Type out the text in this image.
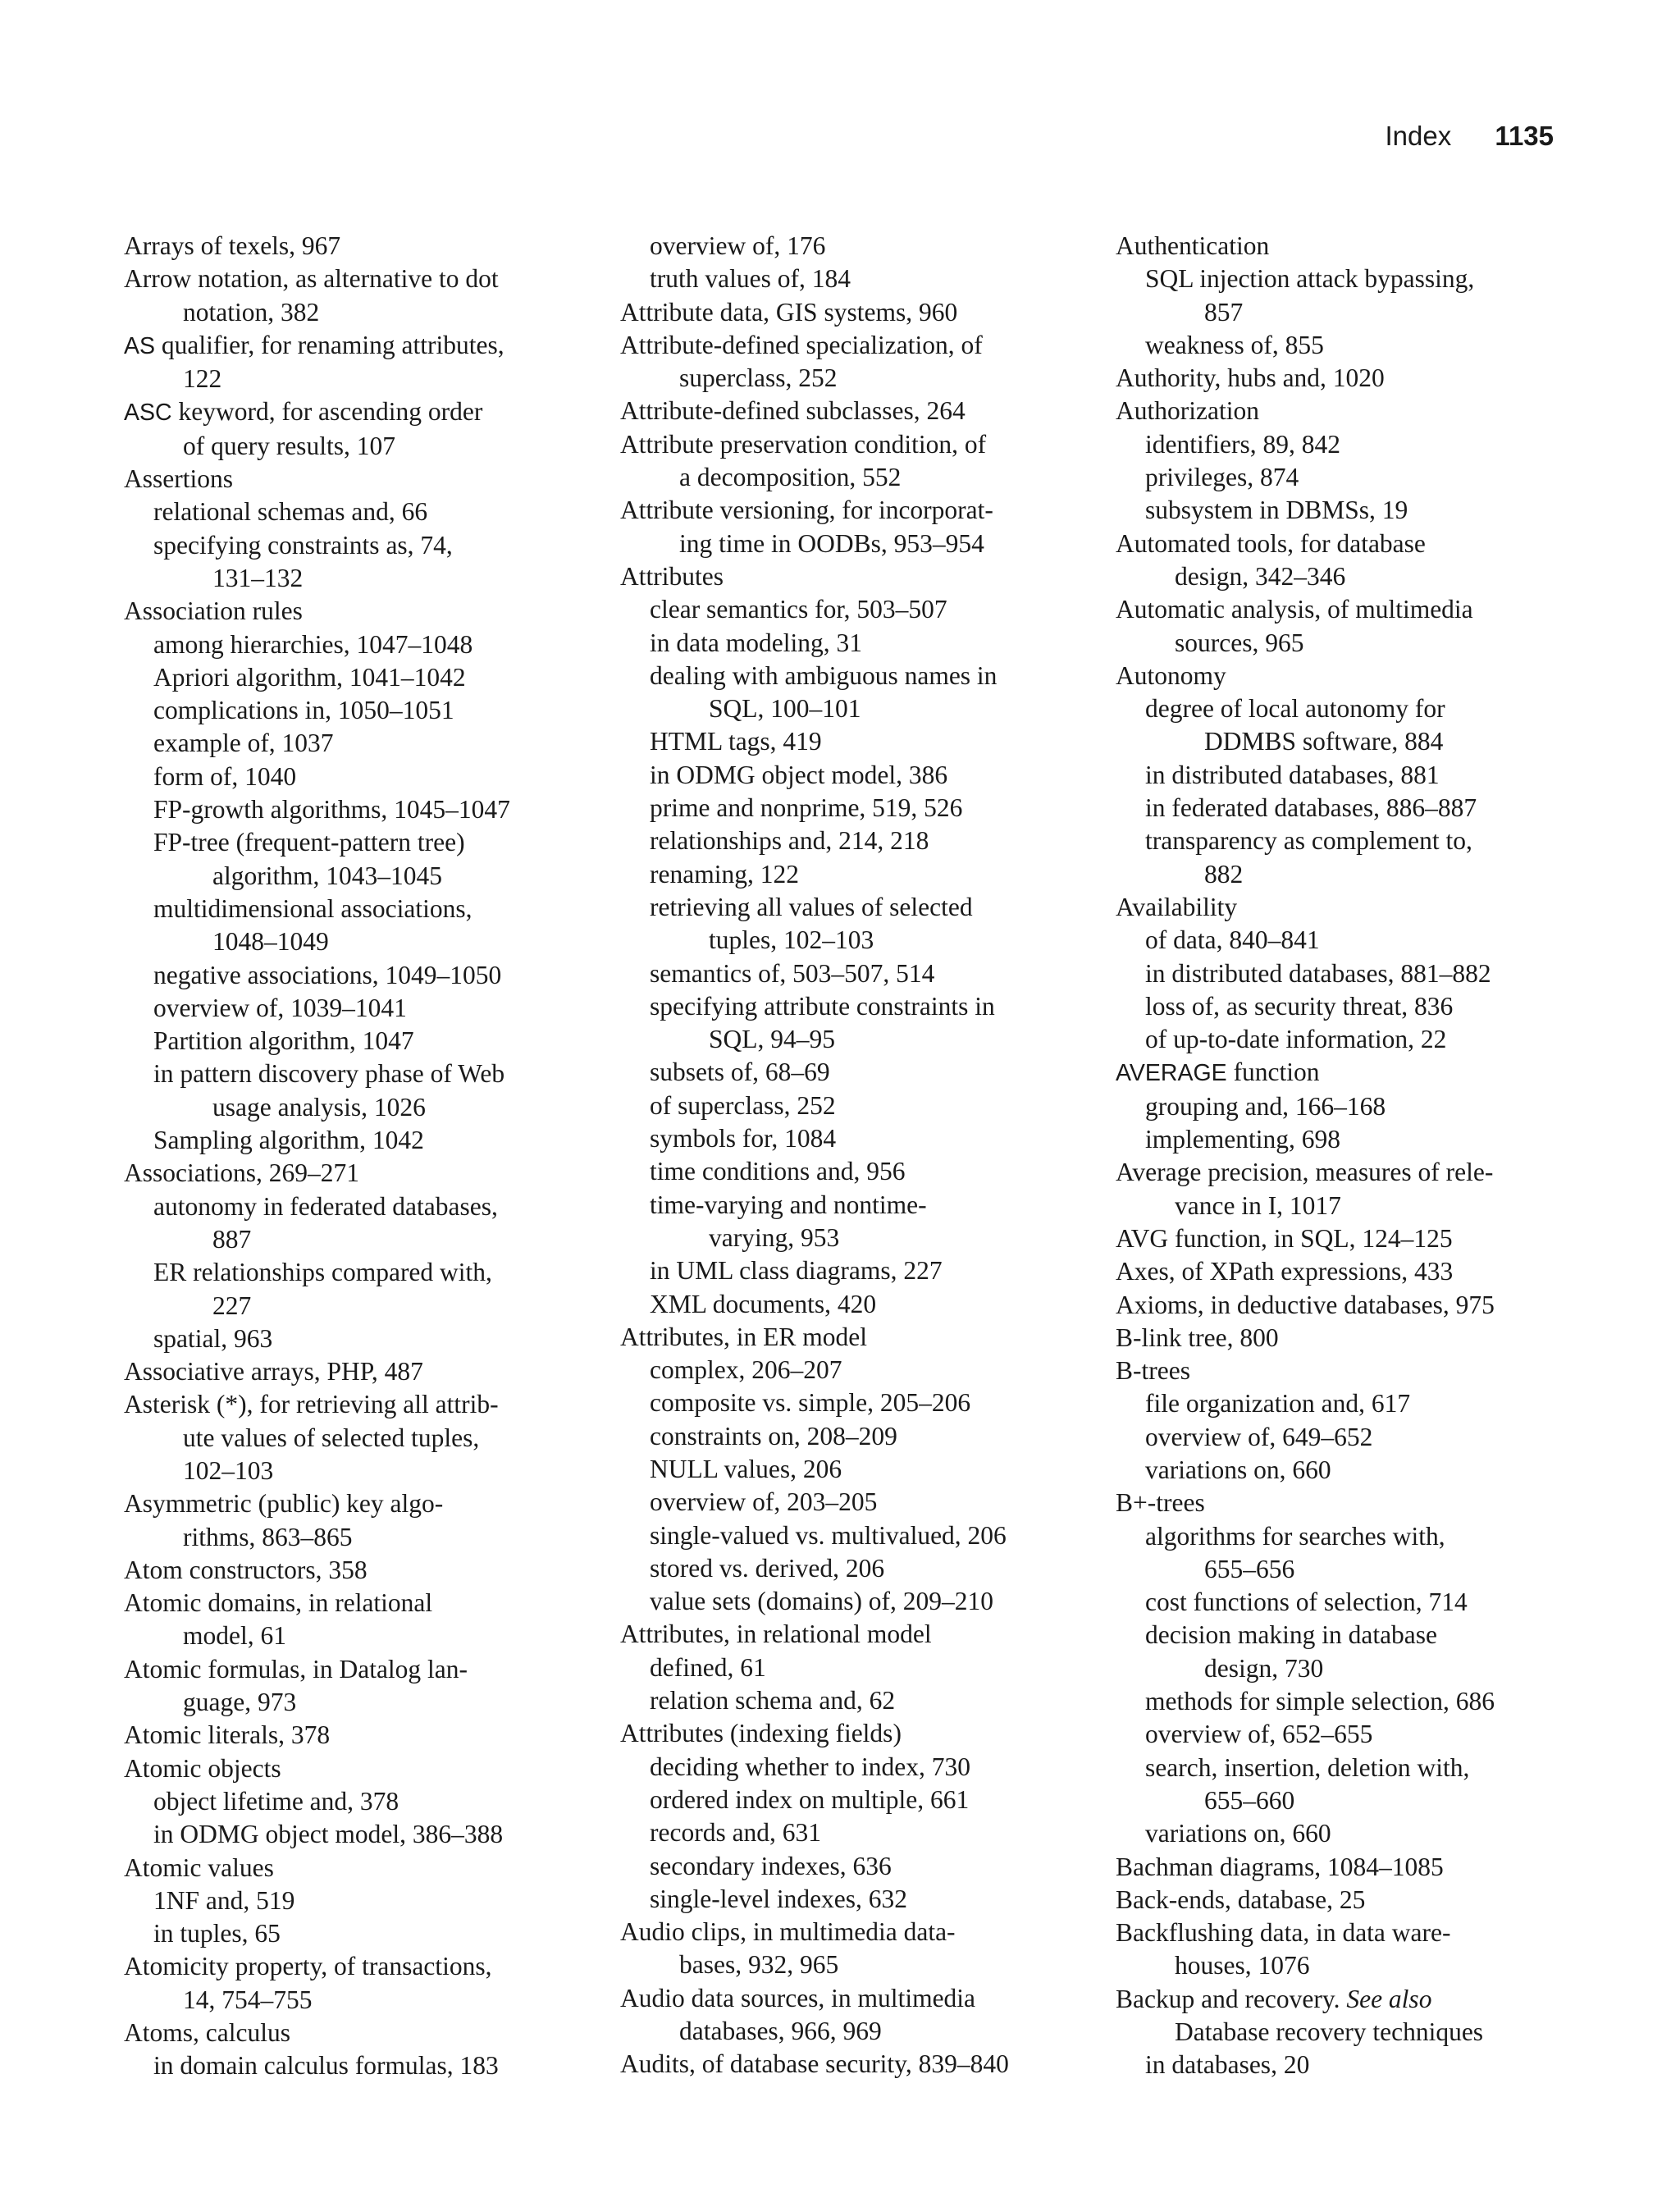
Index 1135
Arrays of texels, 967
Arrow notation, as alternative to dot
notation, 382
AS qualifier, for renaming attributes,
122
ASC keyword, for ascending order
of query results, 107
Assertions
relational schemas and, 66
specifying constraints as, 74,
131–132
Association rules
among hierarchies, 1047–1048
Apriori algorithm, 1041–1042
complications in, 1050–1051
example of, 1037
form of, 1040
FP-growth algorithms, 1045–1047
FP-tree (frequent-pattern tree)
algorithm, 1043–1045
multidimensional associations,
1048–1049
negative associations, 1049–1050
overview of, 1039–1041
Partition algorithm, 1047
in pattern discovery phase of Web
usage analysis, 1026
Sampling algorithm, 1042
Associations, 269–271
autonomy in federated databases,
887
ER relationships compared with,
227
spatial, 963
Associative arrays, PHP, 487
Asterisk (*), for retrieving all attrib-
ute values of selected tuples,
102–103
Asymmetric (public) key algo-
rithms, 863–865
Atom constructors, 358
Atomic domains, in relational
model, 61
Atomic formulas, in Datalog lan-
guage, 973
Atomic literals, 378
Atomic objects
object lifetime and, 378
in ODMG object model, 386–388
Atomic values
1NF and, 519
in tuples, 65
Atomicity property, of transactions,
14, 754–755
Atoms, calculus
in domain calculus formulas, 183
overview of, 176
truth values of, 184
Attribute data, GIS systems, 960
Attribute-defined specialization, of
superclass, 252
Attribute-defined subclasses, 264
Attribute preservation condition, of
a decomposition, 552
Attribute versioning, for incorporat-
ing time in OODBs, 953–954
Attributes
clear semantics for, 503–507
in data modeling, 31
dealing with ambiguous names in
SQL, 100–101
HTML tags, 419
in ODMG object model, 386
prime and nonprime, 519, 526
relationships and, 214, 218
renaming, 122
retrieving all values of selected
tuples, 102–103
semantics of, 503–507, 514
specifying attribute constraints in
SQL, 94–95
subsets of, 68–69
of superclass, 252
symbols for, 1084
time conditions and, 956
time-varying and nontime-
varying, 953
in UML class diagrams, 227
XML documents, 420
Attributes, in ER model
complex, 206–207
composite vs. simple, 205–206
constraints on, 208–209
NULL values, 206
overview of, 203–205
single-valued vs. multivalued, 206
stored vs. derived, 206
value sets (domains) of, 209–210
Attributes, in relational model
defined, 61
relation schema and, 62
Attributes (indexing fields)
deciding whether to index, 730
ordered index on multiple, 661
records and, 631
secondary indexes, 636
single-level indexes, 632
Audio clips, in multimedia data-
bases, 932, 965
Audio data sources, in multimedia
databases, 966, 969
Audits, of database security, 839–840
Authentication
SQL injection attack bypassing,
857
weakness of, 855
Authority, hubs and, 1020
Authorization
identifiers, 89, 842
privileges, 874
subsystem in DBMSs, 19
Automated tools, for database
design, 342–346
Automatic analysis, of multimedia
sources, 965
Autonomy
degree of local autonomy for
DDMBS software, 884
in distributed databases, 881
in federated databases, 886–887
transparency as complement to,
882
Availability
of data, 840–841
in distributed databases, 881–882
loss of, as security threat, 836
of up-to-date information, 22
AVERAGE function
grouping and, 166–168
implementing, 698
Average precision, measures of rele-
vance in I, 1017
AVG function, in SQL, 124–125
Axes, of XPath expressions, 433
Axioms, in deductive databases, 975
B-link tree, 800
B-trees
file organization and, 617
overview of, 649–652
variations on, 660
B+-trees
algorithms for searches with,
655–656
cost functions of selection, 714
decision making in database
design, 730
methods for simple selection, 686
overview of, 652–655
search, insertion, deletion with,
655–660
variations on, 660
Bachman diagrams, 1084–1085
Back-ends, database, 25
Backflushing data, in data ware-
houses, 1076
Backup and recovery. See also
Database recovery techniques
in databases, 20
